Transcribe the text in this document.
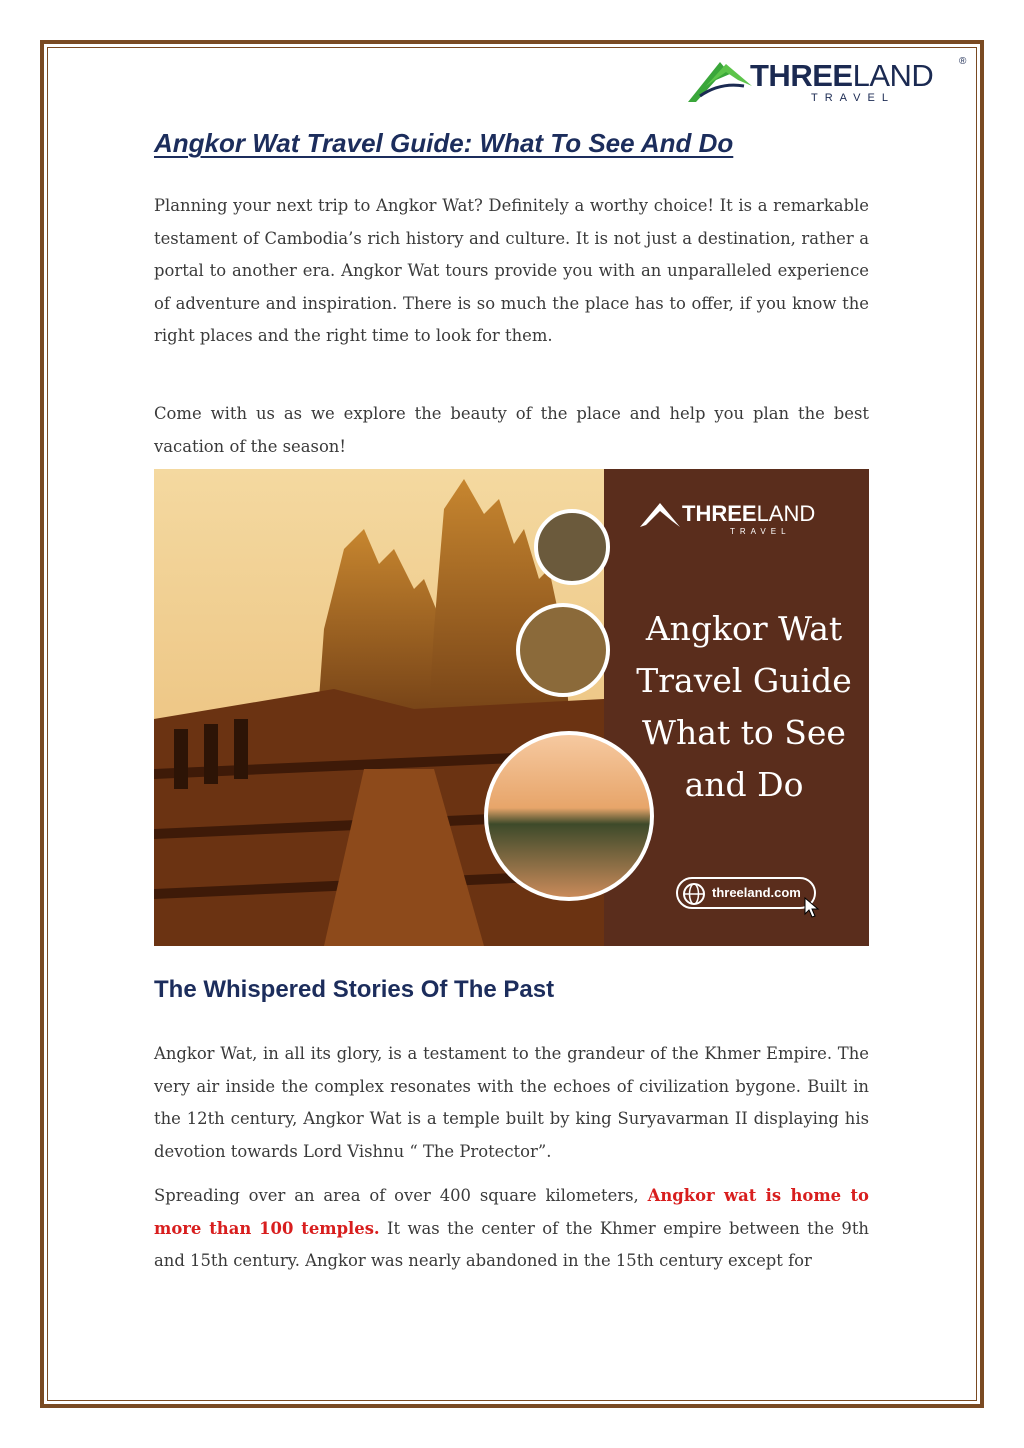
THREELAND	®
TRAVEL
Angkor Wat Travel Guide: What To See And Do

Planning your next trip to Angkor Wat? Definitely a worthy choice! It is a remarkable testament of Cambodia’s rich history and culture. It is not just a destination, rather a portal to another era. Angkor Wat tours provide you with an unparalleled experience of adventure and inspiration. There is so much the place has to offer, if you know the right places and the right time to look for them.

Come with us as we explore the beauty of the place and help you plan the best vacation of the season!

THREELAND
TRAVEL
Angkor Wat
Travel Guide
What to See
and Do
threeland.com
The Whispered Stories Of The Past

Angkor Wat, in all its glory, is a testament to the grandeur of the Khmer Empire. The very air inside the complex resonates with the echoes of civilization bygone. Built in the 12th century, Angkor Wat is a temple built by king Suryavarman II displaying his devotion towards Lord Vishnu “ The Protector”.

Spreading over an area of over 400 square kilometers, Angkor wat is home to more than 100 temples. It was the center of the Khmer empire between the 9th and 15th century. Angkor was nearly abandoned in the 15th century except for
